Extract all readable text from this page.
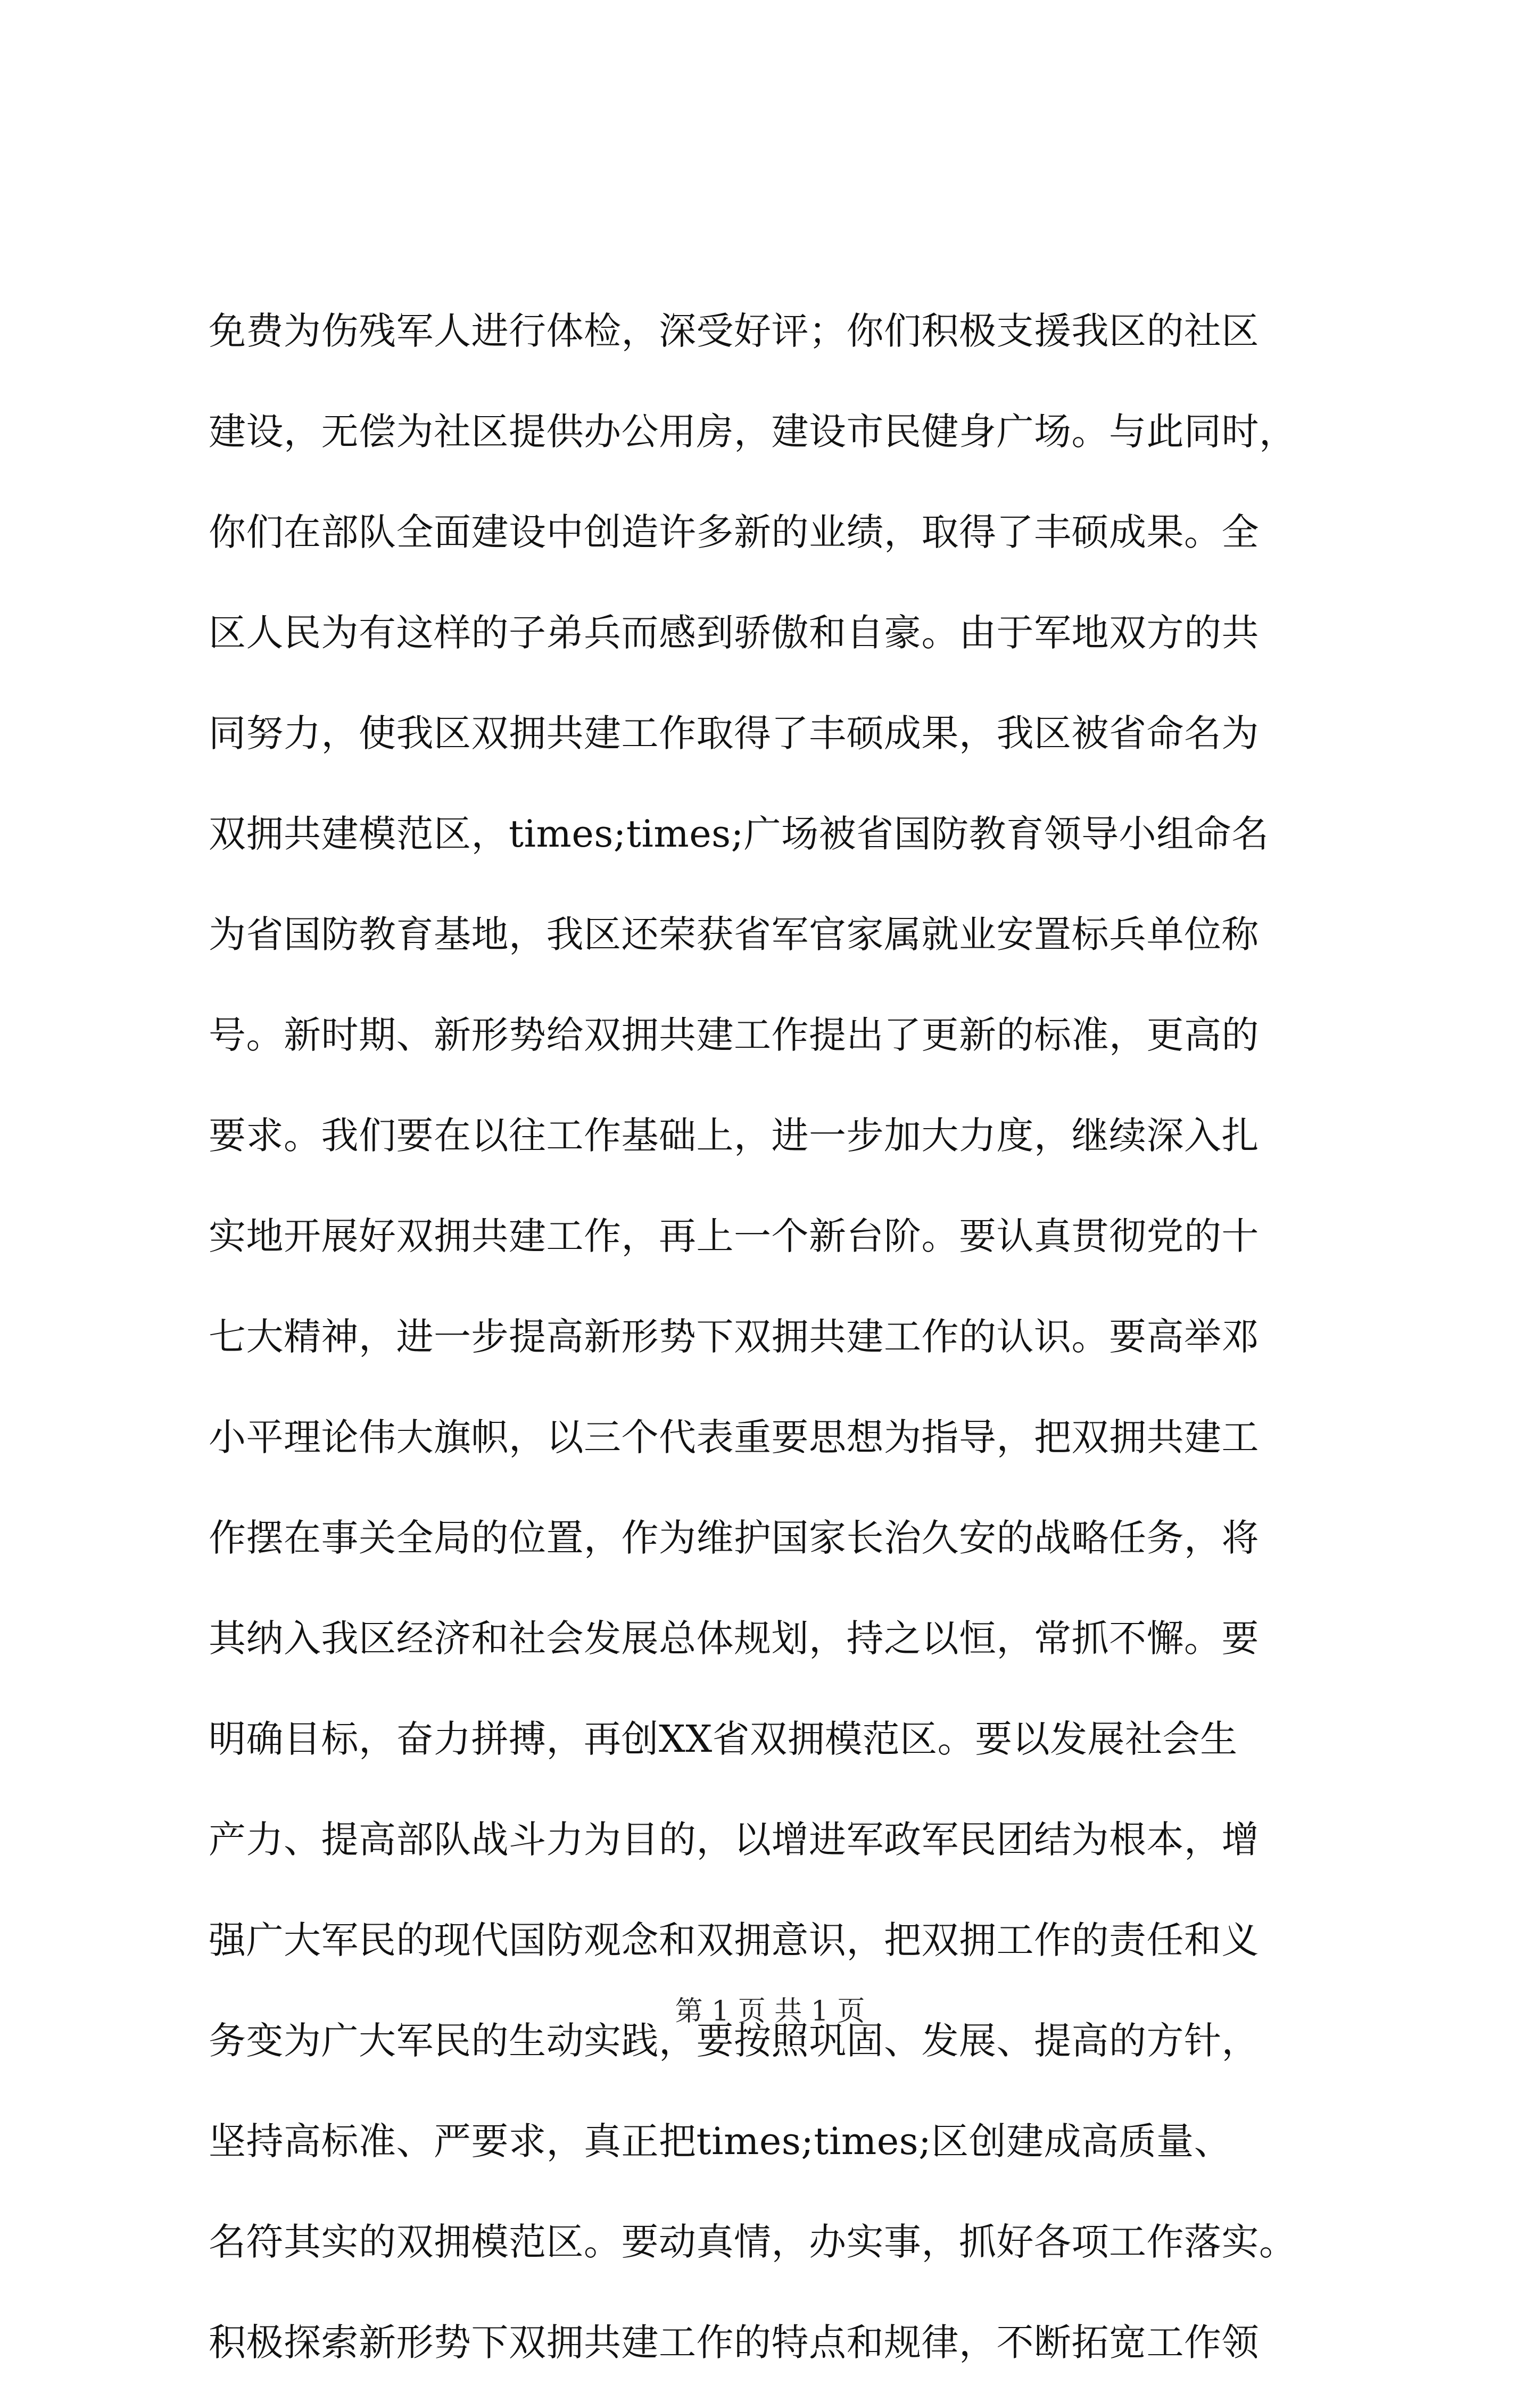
免费为伤残军人进行体检，深受好评；你们积极支援我区的社区
建设，无偿为社区提供办公用房，建设市民健身广场。与此同时，
你们在部队全面建设中创造许多新的业绩，取得了丰硕成果。全
区人民为有这样的子弟兵而感到骄傲和自豪。由于军地双方的共
同努力，使我区双拥共建工作取得了丰硕成果，我区被省命名为
双拥共建模范区，times;times;广场被省国防教育领导小组命名
为省国防教育基地，我区还荣获省军官家属就业安置标兵单位称
号。新时期、新形势给双拥共建工作提出了更新的标准，更高的
要求。我们要在以往工作基础上，进一步加大力度，继续深入扎
实地开展好双拥共建工作，再上一个新台阶。要认真贯彻党的十
七大精神，进一步提高新形势下双拥共建工作的认识。要高举邓
小平理论伟大旗帜，以三个代表重要思想为指导，把双拥共建工
作摆在事关全局的位置，作为维护国家长治久安的战略任务，将
其纳入我区经济和社会发展总体规划，持之以恒，常抓不懈。要
明确目标，奋力拼搏，再创XX省双拥模范区。要以发展社会生
产力、提高部队战斗力为目的，以增进军政军民团结为根本，增
强广大军民的现代国防观念和双拥意识，把双拥工作的责任和义
务变为广大军民的生动实践，要按照巩固、发展、提高的方针，
坚持高标准、严要求，真正把times;times;区创建成高质量、
名符其实的双拥模范区。要动真情，办实事，抓好各项工作落实。
积极探索新形势下双拥共建工作的特点和规律，不断拓宽工作领
第 1 页 共 1 页
